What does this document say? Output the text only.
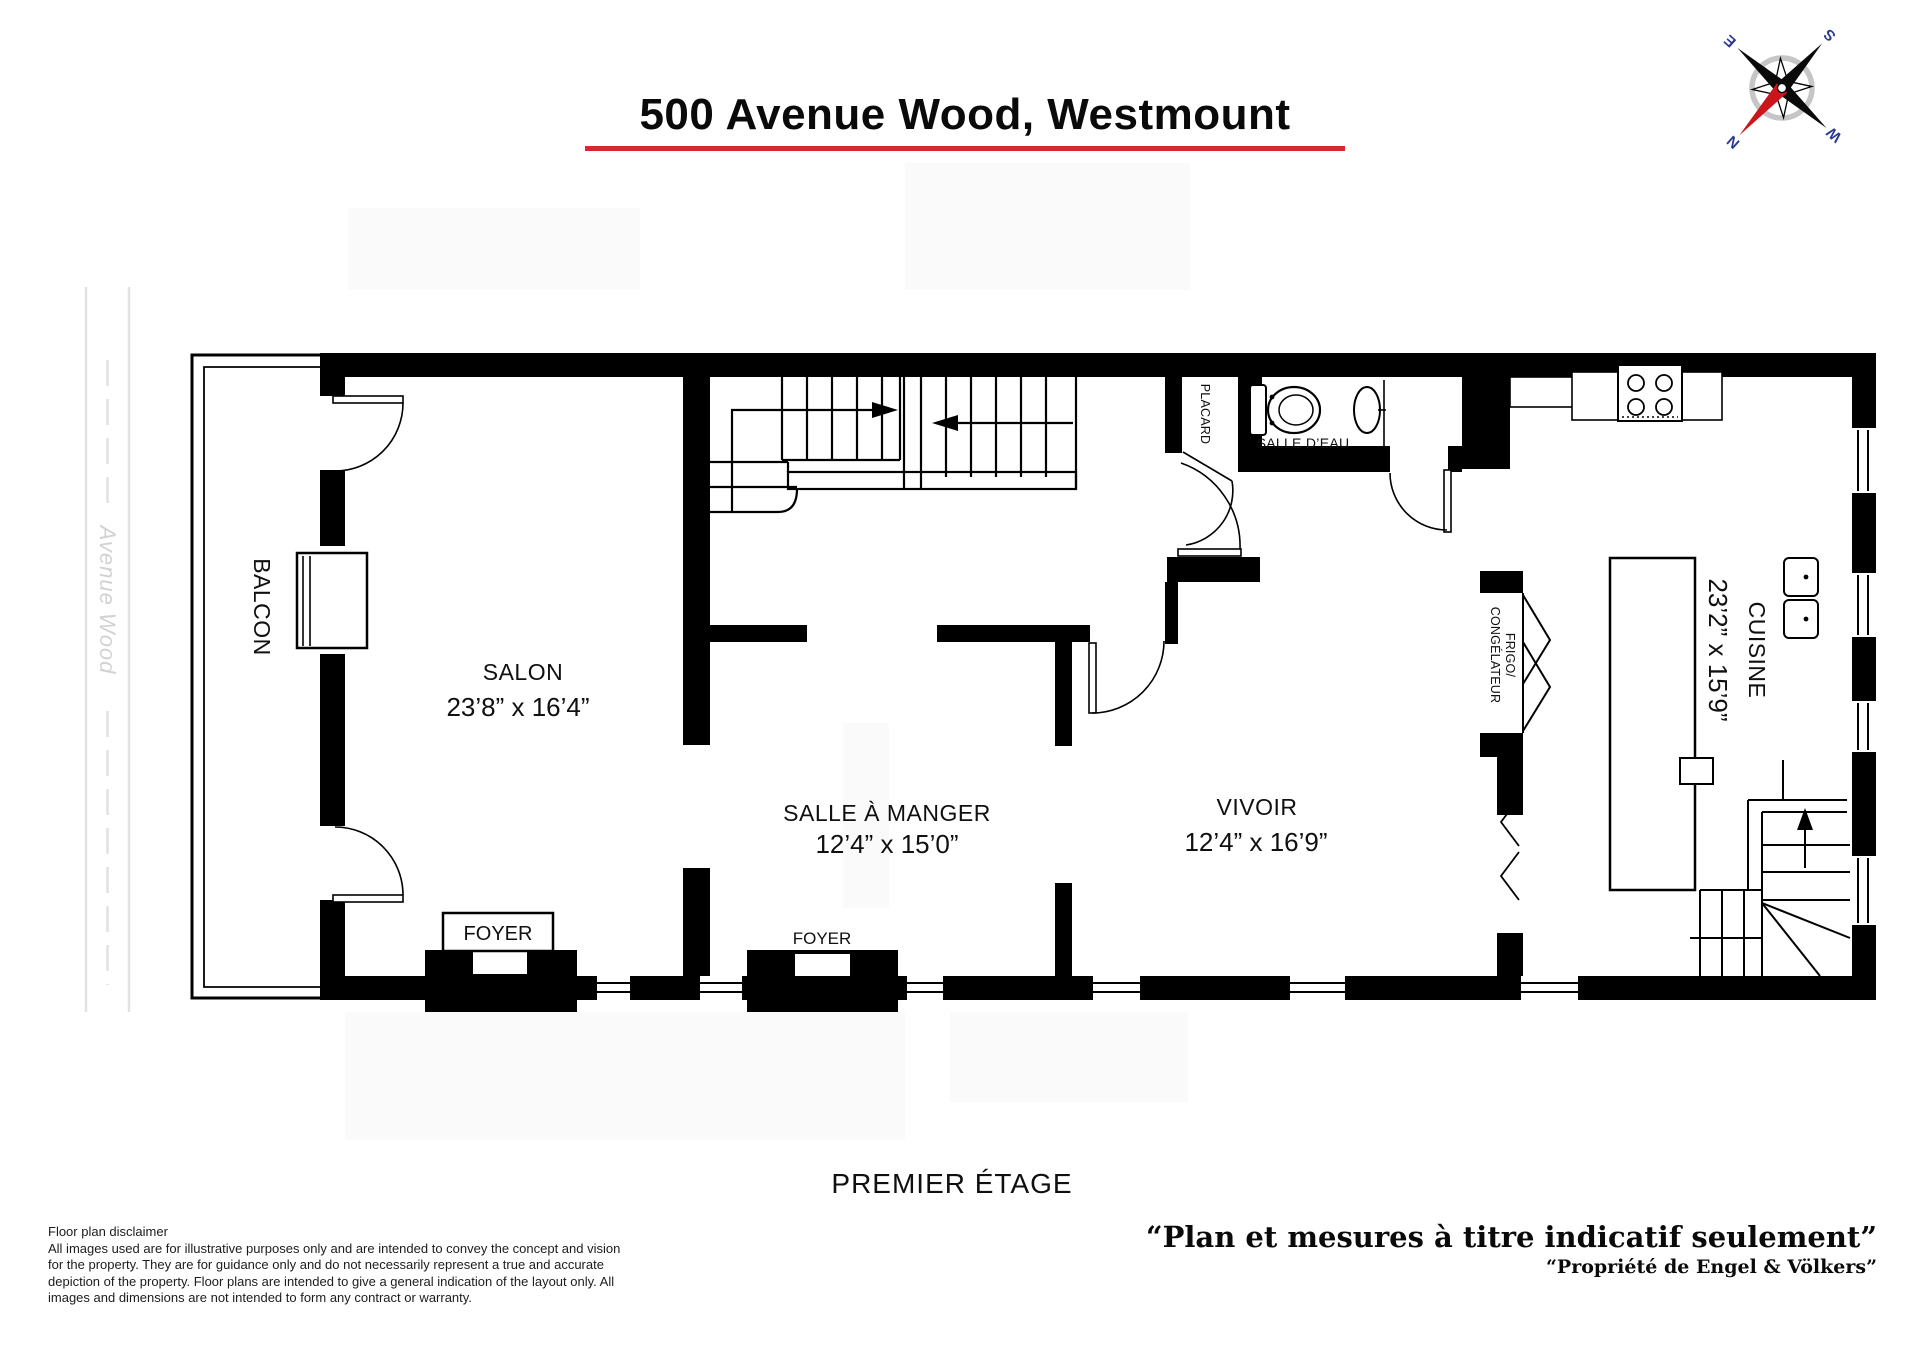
500 Avenue Wood, Westmount
N
E	S
W
Avenue Wood	BALCON
SALON
23’8” x 16’4”
SALLE À MANGER
12’4” x 15’0”
VIVOIR
12’4” x 16’9”
CUISINE
23’2” x 15’9”
SALLE D’EAU
PLACARD
FRIGO/
CONGÉLATEUR
FOYER	FOYER
PREMIER ÉTAGE
“Plan et mesures à titre indicatif seulement”
“Propriété de Engel & Völkers”
Floor plan disclaimer
All images used are for illustrative purposes only and are intended to convey the concept and vision
for the property. They are for guidance only and do not necessarily represent a true and accurate
depiction of the property. Floor plans are intended to give a general indication of the layout only. All
images and dimensions are not intended to form any contract or warranty.
